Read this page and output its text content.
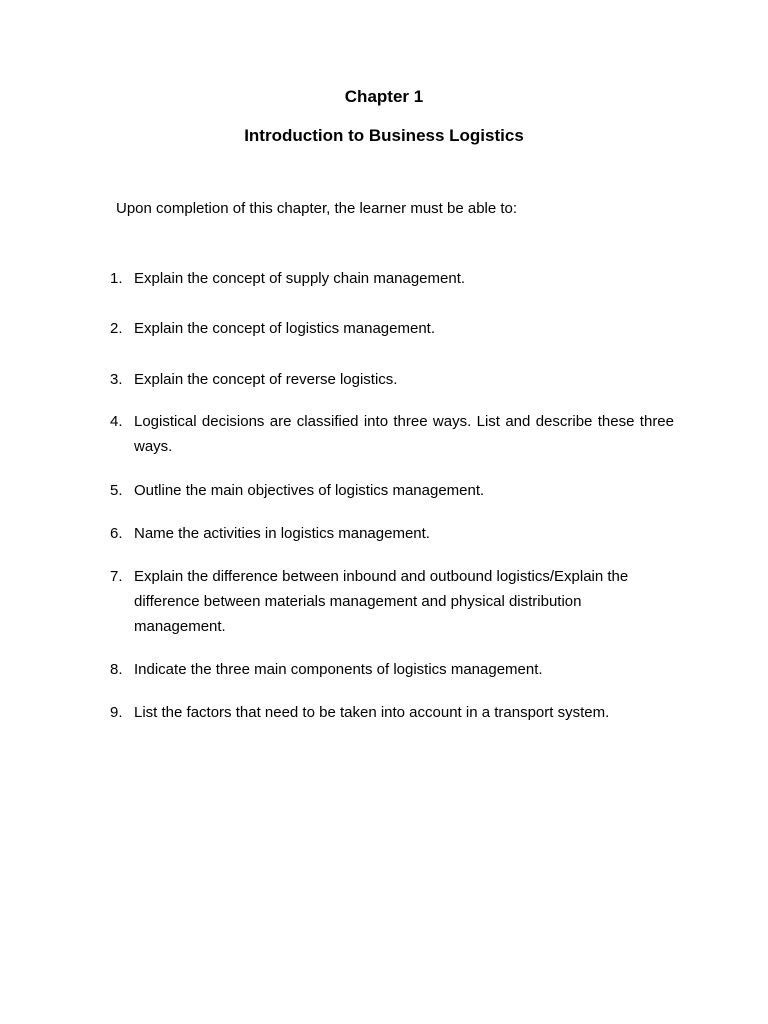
Chapter 1
Introduction to Business Logistics
Upon completion of this chapter, the learner must be able to:
1. Explain the concept of supply chain management.
2. Explain the concept of logistics management.
3. Explain the concept of reverse logistics.
4. Logistical decisions are classified into three ways. List and describe these three ways.
5. Outline the main objectives of logistics management.
6. Name the activities in logistics management.
7. Explain the difference between inbound and outbound logistics/Explain the difference between materials management and physical distribution management.
8. Indicate the three main components of logistics management.
9. List the factors that need to be taken into account in a transport system.
